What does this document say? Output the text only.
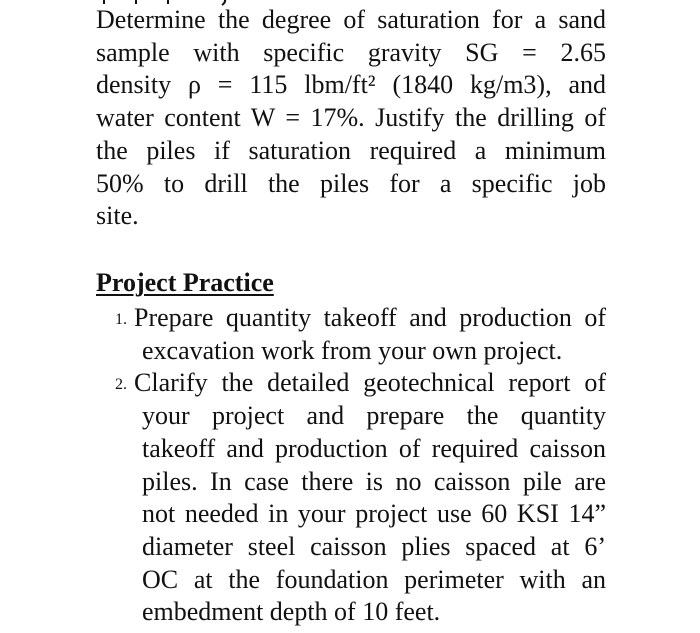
Determine the degree of saturation for a sand
sample with specific gravity SG = 2.65
density ρ = 115 lbm/ft² (1840 kg/m3), and
water content W = 17%. Justify the drilling of
the piles if saturation required a minimum
50% to drill the piles for a specific job
site.
Project Practice
1. Prepare quantity takeoff and production of
excavation work from your own project.
2. Clarify the detailed geotechnical report of
your project and prepare the quantity
takeoff and production of required caisson
piles. In case there is no caisson pile are
not needed in your project use 60 KSI 14”
diameter steel caisson plies spaced at 6’
OC at the foundation perimeter with an
embedment depth of 10 feet.
